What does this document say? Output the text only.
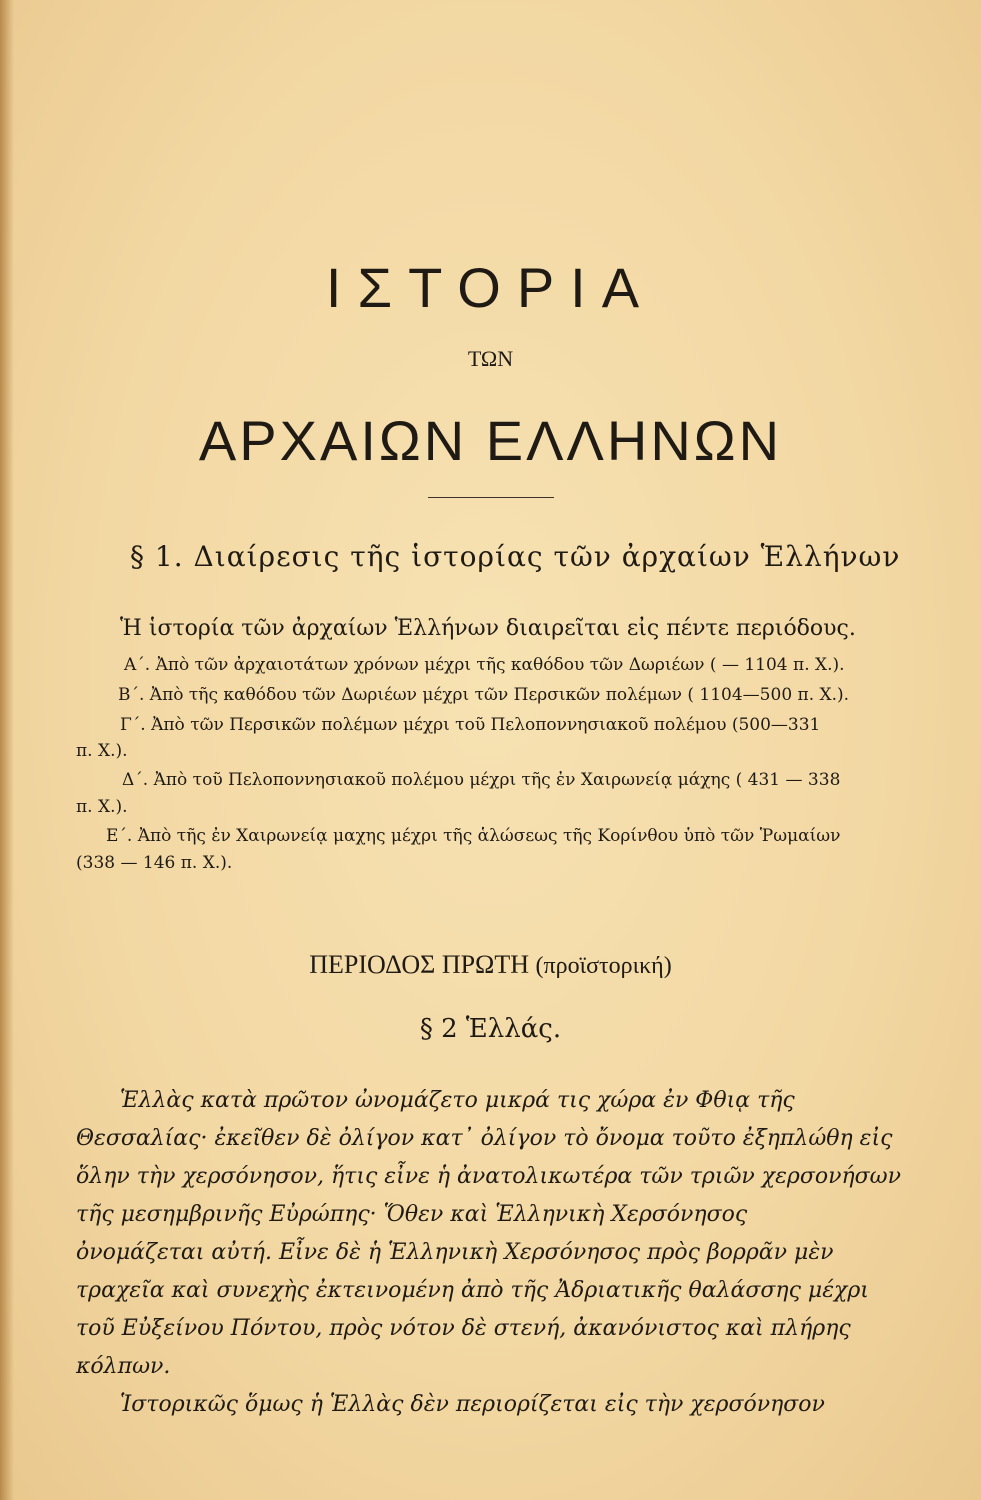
ΙΣΤΟΡΙΑ
ΤΩΝ
ΑΡΧΑΙΩΝ ΕΛΛΗΝΩΝ
§ 1. Διαίρεσις τῆς ἱστορίας τῶν ἀρχαίων Ἑλλήνων
Ἡ ἱστορία τῶν ἀρχαίων Ἑλλήνων διαιρεῖται εἰς πέντε περιόδους.
Α΄. Ἀπὸ τῶν ἀρχαιοτάτων χρόνων μέχρι τῆς καθόδου τῶν Δωριέων ( — 1104 π. Χ.).
Β΄. Ἀπὸ τῆς καθόδου τῶν Δωριέων μέχρι τῶν Περσικῶν πολέμων ( 1104—500 π. Χ.).
Γ΄. Ἀπὸ τῶν Περσικῶν πολέμων μέχρι τοῦ Πελοποννησιακοῦ πολέμου (500—331
π. Χ.).
Δ΄. Ἀπὸ τοῦ Πελοποννησιακοῦ πολέμου μέχρι τῆς ἐν Χαιρωνείᾳ μάχης ( 431 — 338
π. Χ.).
Ε΄. Ἀπὸ τῆς ἐν Χαιρωνείᾳ μαχης μέχρι τῆς ἁλώσεως τῆς Κορίνθου ὑπὸ τῶν Ῥωμαίων
(338 — 146 π. Χ.).
ΠΕΡΙΟΔΟΣ ΠΡΩΤΗ (προϊστορική)
§ 2 Ἑλλάς.
Ἑλλὰς κατὰ πρῶτον ὠνομάζετο μικρά τις χώρα ἐν Φθιᾳ τῆς
Θεσσαλίας· ἐκεῖθεν δὲ ὀλίγον κατ᾽ ὀλίγον τὸ ὄνομα τοῦτο ἐξηπλώθη εἰς
ὅλην τὴν χερσόνησον, ἥτις εἶνε ἡ ἀνατολικωτέρα τῶν τριῶν χερσονήσων
τῆς μεσημβρινῆς Εὐρώπης· Ὅθεν καὶ Ἑλληνικὴ Χερσόνησος
ὀνομάζεται αὐτή. Εἶνε δὲ ἡ Ἑλληνικὴ Χερσόνησος πρὸς βορρᾶν μὲν
τραχεῖα καὶ συνεχὴς ἐκτεινομένη ἀπὸ τῆς Ἀδριατικῆς θαλάσσης μέχρι
τοῦ Εὐξείνου Πόντου, πρὸς νότον δὲ στενή, ἀκανόνιστος καὶ πλήρης
κόλπων.
Ἱστορικῶς ὅμως ἡ Ἑλλὰς δὲν περιορίζεται εἰς τὴν χερσόνησον
